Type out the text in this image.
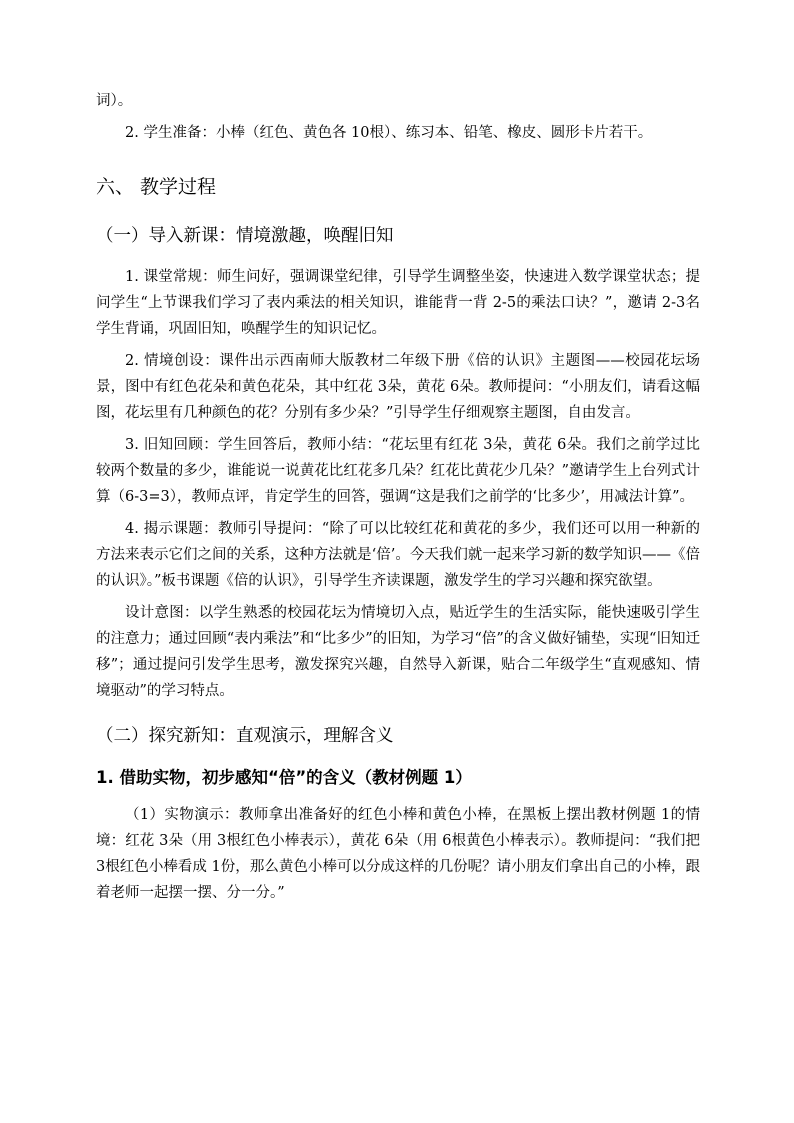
词）。

2. 学生准备：小棒（红色、黄色各 10根）、练习本、铅笔、橡皮、圆形卡片若干。

六、 教学过程
（一）导入新课：情境激趣，唤醒旧知

1. 课堂常规：师生问好，强调课堂纪律，引导学生调整坐姿，快速进入数学课堂状态；提问学生“上节课我们学习了表内乘法的相关知识，谁能背一背 2-5的乘法口诀？”，邀请 2-3名学生背诵，巩固旧知，唤醒学生的知识记忆。

2. 情境创设：课件出示西南师大版教材二年级下册《倍的认识》主题图——校园花坛场景，图中有红色花朵和黄色花朵，其中红花 3朵，黄花 6朵。教师提问：“小朋友们，请看这幅图，花坛里有几种颜色的花？分别有多少朵？”引导学生仔细观察主题图，自由发言。

3. 旧知回顾：学生回答后，教师小结：“花坛里有红花 3朵，黄花 6朵。我们之前学过比较两个数量的多少，谁能说一说黄花比红花多几朵？红花比黄花少几朵？”邀请学生上台列式计算（6-3=3），教师点评，肯定学生的回答，强调“这是我们之前学的‘比多少’，用减法计算”。

4. 揭示课题：教师引导提问：“除了可以比较红花和黄花的多少，我们还可以用一种新的方法来表示它们之间的关系，这种方法就是‘倍’。今天我们就一起来学习新的数学知识——《倍的认识》。”板书课题《倍的认识》，引导学生齐读课题，激发学生的学习兴趣和探究欲望。

设计意图：以学生熟悉的校园花坛为情境切入点，贴近学生的生活实际，能快速吸引学生的注意力；通过回顾“表内乘法”和“比多少”的旧知，为学习“倍”的含义做好铺垫，实现“旧知迁移”；通过提问引发学生思考，激发探究兴趣，自然导入新课，贴合二年级学生“直观感知、情境驱动”的学习特点。

（二）探究新知：直观演示，理解含义
1. 借助实物，初步感知“倍”的含义（教材例题 1）

（1）实物演示：教师拿出准备好的红色小棒和黄色小棒，在黑板上摆出教材例题 1的情境：红花 3朵（用 3根红色小棒表示），黄花 6朵（用 6根黄色小棒表示）。教师提问：“我们把 3根红色小棒看成 1份，那么黄色小棒可以分成这样的几份呢？请小朋友们拿出自己的小棒，跟着老师一起摆一摆、分一分。”
